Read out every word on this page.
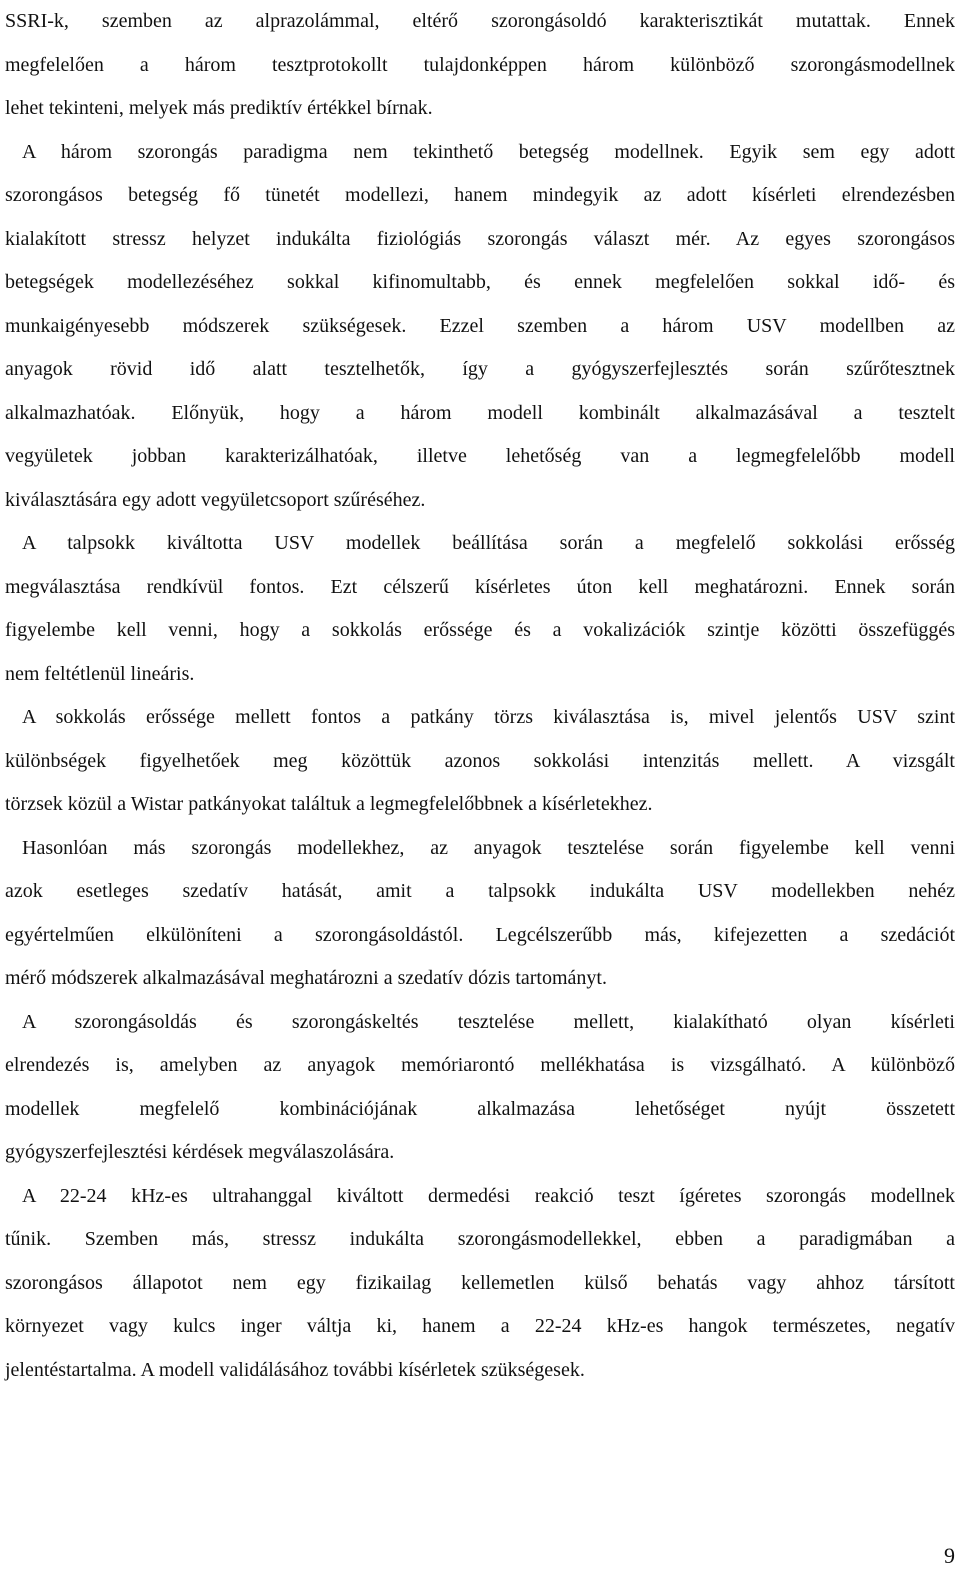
SSRI-k, szemben az alprazolámmal, eltérő szorongásoldó karakterisztikát mutattak. Ennek
megfelelően a három tesztprotokollt tulajdonképpen három különböző szorongásmodellnek
lehet tekinteni, melyek más prediktív értékkel bírnak.
A három szorongás paradigma nem tekinthető betegség modellnek. Egyik sem egy adott
szorongásos betegség fő tünetét modellezi, hanem mindegyik az adott kísérleti elrendezésben
kialakított stressz helyzet indukálta fiziológiás szorongás választ mér. Az egyes szorongásos
betegségek modellezéséhez sokkal kifinomultabb, és ennek megfelelően sokkal idő- és
munkaigényesebb módszerek szükségesek. Ezzel szemben a három USV modellben az
anyagok rövid idő alatt tesztelhetők, így a gyógyszerfejlesztés során szűrőtesztnek
alkalmazhatóak. Előnyük, hogy a három modell kombinált alkalmazásával a tesztelt
vegyületek jobban karakterizálhatóak, illetve lehetőség van a legmegfelelőbb modell
kiválasztására egy adott vegyületcsoport szűréséhez.
A talpsokk kiváltotta USV modellek beállítása során a megfelelő sokkolási erősség
megválasztása rendkívül fontos. Ezt célszerű kísérletes úton kell meghatározni. Ennek során
figyelembe kell venni, hogy a sokkolás erőssége és a vokalizációk szintje közötti összefüggés
nem feltétlenül lineáris.
A sokkolás erőssége mellett fontos a patkány törzs kiválasztása is, mivel jelentős USV szint
különbségek figyelhetőek meg közöttük azonos sokkolási intenzitás mellett. A vizsgált
törzsek közül a Wistar patkányokat találtuk a legmegfelelőbbnek a kísérletekhez.
Hasonlóan más szorongás modellekhez, az anyagok tesztelése során figyelembe kell venni
azok esetleges szedatív hatását, amit a talpsokk indukálta USV modellekben nehéz
egyértelműen elkülöníteni a szorongásoldástól. Legcélszerűbb más, kifejezetten a szedációt
mérő módszerek alkalmazásával meghatározni a szedatív dózis tartományt.
A szorongásoldás és szorongáskeltés tesztelése mellett, kialakítható olyan kísérleti
elrendezés is, amelyben az anyagok memóriarontó mellékhatása is vizsgálható. A különböző
modellek megfelelő kombinációjának alkalmazása lehetőséget nyújt összetett
gyógyszerfejlesztési kérdések megválaszolására.
A 22-24 kHz-es ultrahanggal kiváltott dermedési reakció teszt ígéretes szorongás modellnek
tűnik. Szemben más, stressz indukálta szorongásmodellekkel, ebben a paradigmában a
szorongásos állapotot nem egy fizikailag kellemetlen külső behatás vagy ahhoz társított
környezet vagy kulcs inger váltja ki, hanem a 22-24 kHz-es hangok természetes, negatív
jelentéstartalma. A modell validálásához további kísérletek szükségesek.
9
